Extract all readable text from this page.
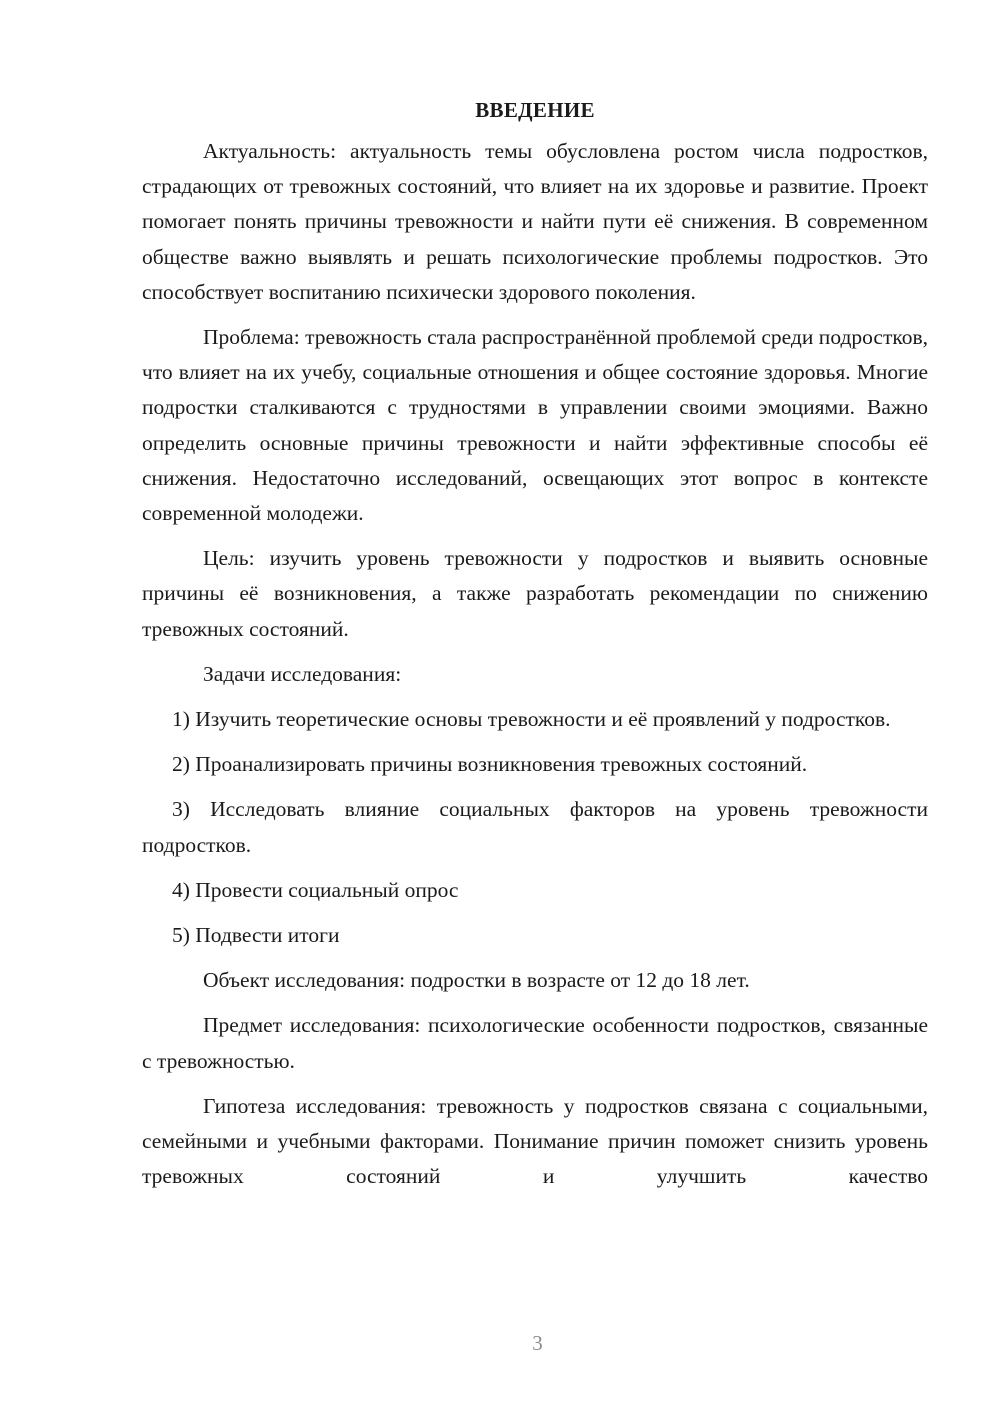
ВВЕДЕНИЕ

Актуальность: актуальность темы обусловлена ростом числа подростков, страдающих от тревожных состояний, что влияет на их здоровье и развитие. Проект помогает понять причины тревожности и найти пути её снижения. В современном обществе важно выявлять и решать психологические проблемы подростков. Это способствует воспитанию психически здорового поколения.

Проблема: тревожность стала распространённой проблемой среди подростков, что влияет на их учебу, социальные отношения и общее состояние здоровья. Многие подростки сталкиваются с трудностями в управлении своими эмоциями. Важно определить основные причины тревожности и найти эффективные способы её снижения. Недостаточно исследований, освещающих этот вопрос в контексте современной молодежи.

Цель: изучить уровень тревожности у подростков и выявить основные причины её возникновения, а также разработать рекомендации по снижению тревожных состояний.

Задачи исследования:

1) Изучить теоретические основы тревожности и её проявлений у подростков.

2) Проанализировать причины возникновения тревожных состояний.

3) Исследовать влияние социальных факторов на уровень тревожности подростков.

4) Провести социальный опрос

5) Подвести итоги

Объект исследования: подростки в возрасте от 12 до 18 лет.

Предмет исследования: психологические особенности подростков, связанные с тревожностью.

Гипотеза исследования: тревожность у подростков связана с социальными, семейными и учебными факторами. Понимание причин поможет снизить уровень тревожных состояний и улучшить качество

3
